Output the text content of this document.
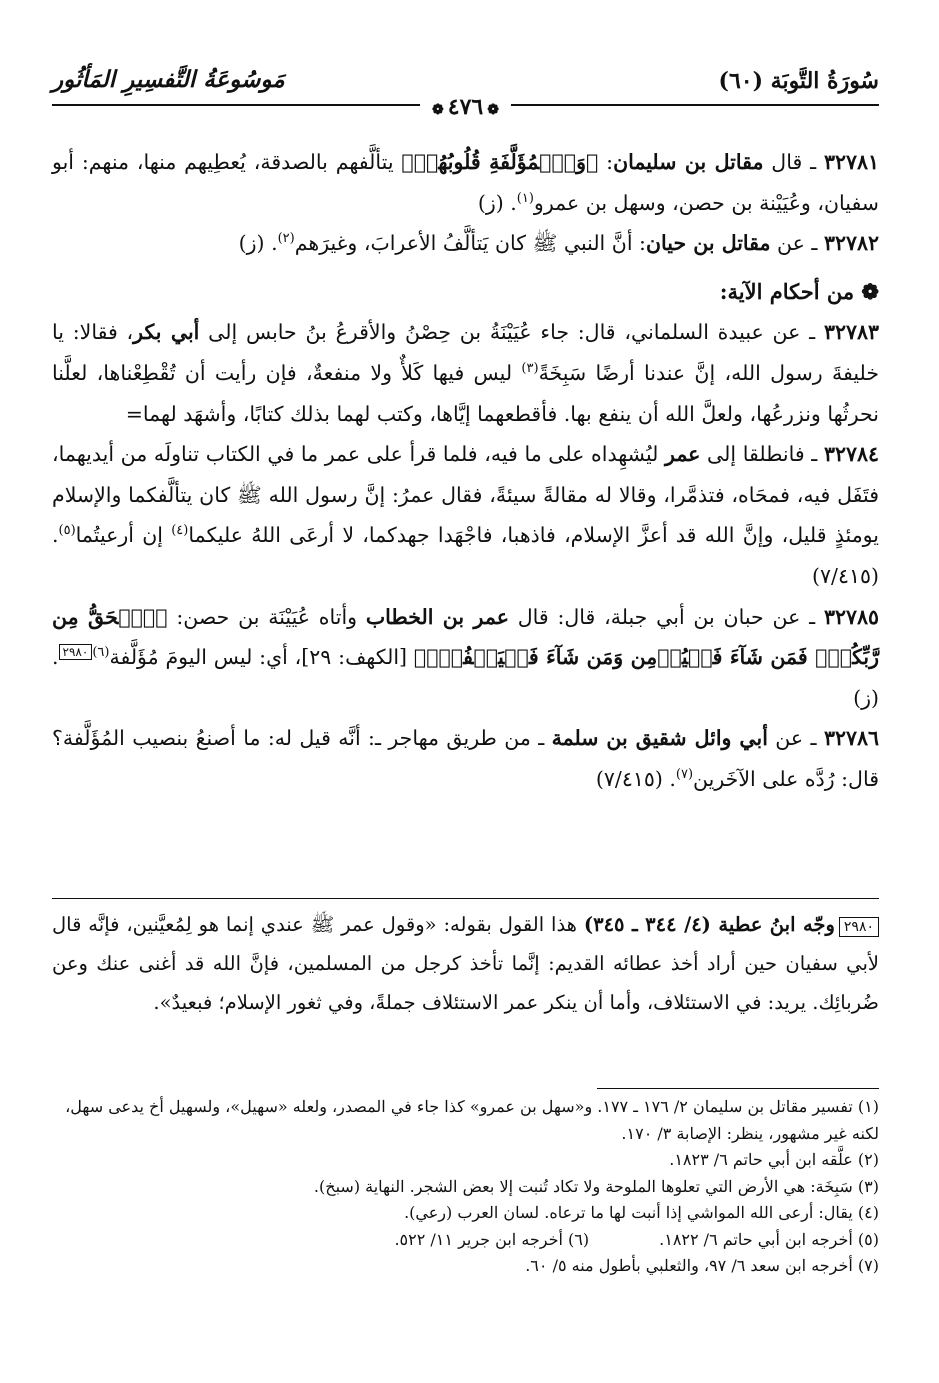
سُورَةُ التَّوبَة (٦٠)
مَوسُوعَةُ التَّفسِيرِ المَأثُور
❁٤٧٦❁

٣٢٧٨١ ـ قال مقاتل بن سليمان: ﴿وَٱلۡمُؤَلَّفَةِ قُلُوبُهُمۡ﴾ يتألَّفهم بالصدقة، يُعطِيهم منها، منهم: أبو سفيان، وعُيَيْنة بن حصن، وسهل بن عمرو$^{(١)}$. (ز)

٣٢٧٨٢ ـ عن مقاتل بن حيان: أنَّ النبي ﷺ كان يَتألَّفُ الأعرابَ، وغيرَهم$^{(٢)}$. (ز)

❁ من أحكام الآية:

٣٢٧٨٣ ـ عن عبيدة السلماني، قال: جاء عُيَيْنَةُ بن حِصْنُ والأقرعُ بنُ حابس إلى أبي بكر، فقالا: يا خليفةَ رسول الله، إنَّ عندنا أرضًا سَبِخَةً$^{(٣)}$ ليس فيها كَلأٌ ولا منفعةٌ، فإن رأيت أن تُقْطِعْناها، لعلَّنا نحرثُها ونزرعُها، ولعلَّ الله أن ينفع بها. فأقطعهما إيَّاها، وكتب لهما بذلك كتابًا، وأشهَد لهما=

٣٢٧٨٤ ـ فانطلقا إلى عمر ليُشهِداه على ما فيه، فلما قرأ على عمر ما في الكتاب تناولَه من أيديهما، فتَفَل فيه، فمحَاه، فتذمَّرا، وقالا له مقالةً سيئةً، فقال عمرُ: إنَّ رسول الله ﷺ كان يتألَّفكما والإسلام يومئذٍ قليل، وإنَّ الله قد أعزَّ الإسلام، فاذهبا، فاجْهَدا جهدكما، لا أرعَى اللهُ عليكما$^{(٤)}$ إن أرعيتُما$^{(٥)}$. (٧/٤١٥)

٣٢٧٨٥ ـ عن حبان بن أبي جبلة، قال: قال عمر بن الخطاب وأتاه عُيَيْنَة بن حصن: ﴿ٱلۡحَقُّ مِن رَّبِّكُمۡۖ فَمَن شَآءَ فَلۡيُؤۡمِن وَمَن شَآءَ فَلۡيَكۡفُرۡۚ﴾ [الكهف: ٢٩]، أي: ليس اليومَ مُؤَلَّفة$^{(٦)}$٢٩٨٠. (ز)

٣٢٧٨٦ ـ عن أبي وائل شقيق بن سلمة ـ من طريق مهاجر ـ: أنَّه قيل له: ما أصنعُ بنصيب المُؤَلَّفة؟ قال: رُدَّه على الآخَرين$^{(٧)}$. (٧/٤١٥)

٢٩٨٠وجّه ابنُ عطية (٤/ ٣٤٤ ـ ٣٤٥) هذا القول بقوله: «وقول عمر ﷺ عندي إنما هو لِمُعيَّنين، فإنَّه قال لأبي سفيان حين أراد أخذ عطائه القديم: إنَّما تأخذ كرجل من المسلمين، فإنَّ الله قد أغنى عنك وعن ضُربائِك. يريد: في الاستئلاف، وأما أن ينكر عمر الاستئلاف جملةً، وفي ثغور الإسلام؛ فبعيدٌ».

(١) تفسير مقاتل بن سليمان ٢/ ١٧٦ ـ ١٧٧. و«سهل بن عمرو» كذا جاء في المصدر، ولعله «سهيل»، ولسهيل أخ يدعى سهل، لكنه غير مشهور، ينظر: الإصابة ٣/ ١٧٠.

(٢) علَّقه ابن أبي حاتم ٦/ ١٨٢٣.

(٣) سَبِخَة: هي الأرض التي تعلوها الملوحة ولا تكاد تُنبت إلا بعض الشجر. النهاية (سبخ).

(٤) يقال: أرعى الله المواشي إذا أنبت لها ما ترعاه. لسان العرب (رعي).

(٥) أخرجه ابن أبي حاتم ٦/ ١٨٢٢.
(٦) أخرجه ابن جرير ١١/ ٥٢٢.

(٧) أخرجه ابن سعد ٦/ ٩٧، والثعلبي بأطول منه ٥/ ٦٠.
